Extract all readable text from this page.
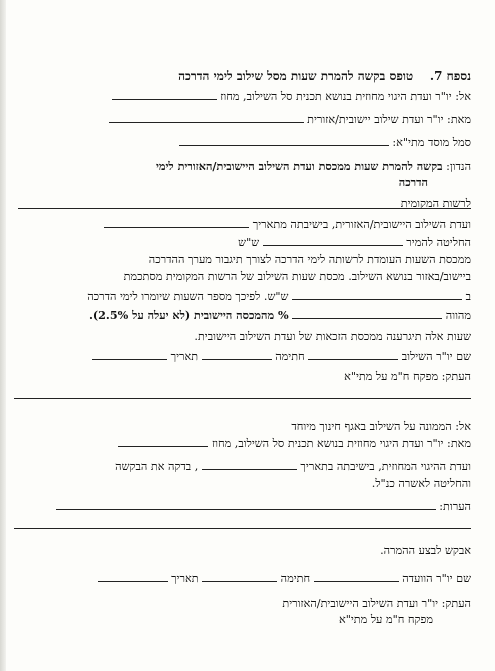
נספח 7.    טופס בקשה להמרת שעות מסל שילוב לימי הדרכה
אל: יו"ר ועדת היגוי מחוזית בנושא תכנית סל השילוב, מחוז
מאת: יו"ר ועדת שילוב יישובית/אזורית
סמל מוסד מתי"א:
הנדון: בקשה להמרת שעות ממכסת ועדת השילוב היישובית/האזורית לימי
הדרכה
לרשות המקומית
ועדת השילוב היישובית/האזורית, בישיבתה מתאריך
החליטה להמיר  ש"ש
ממכסת השעות העומדת לרשותה לימי הדרכה לצורך תיגבור מערך ההדרכה
ביישוב/באזור בנושא השילוב. מכסת שעות השילוב של הרשות המקומית מסתכמת
ב  ש"ש. לפיכך מספר השעות שיומרו לימי הדרכה
מהווה  % מהמכסה היישובית (לא יעלה על 2.5%).
שעות אלה תיגרענה ממכסת הזכאות של ועדת השילוב היישובית.
שם יו"ר השילוב  חתימה  תאריך
העתק: מפקח ח"מ על מתי"א
אל: הממונה על השילוב באגף חינוך מיוחד
מאת: יו"ר ועדת היגוי מחוזית בנושא תכנית סל השילוב, מחוז
ועדת ההיגוי המחוזית, בישיבתה בתאריך  , בדקה את הבקשה
והחליטה לאשרה כנ"ל.
הערות:
אבקש לבצע ההמרה.
שם יו"ר הוועדה  חתימה  תאריך
העתק: יו"ר ועדת השילוב היישובית/האזורית
מפקח ח"מ על מתי"א
